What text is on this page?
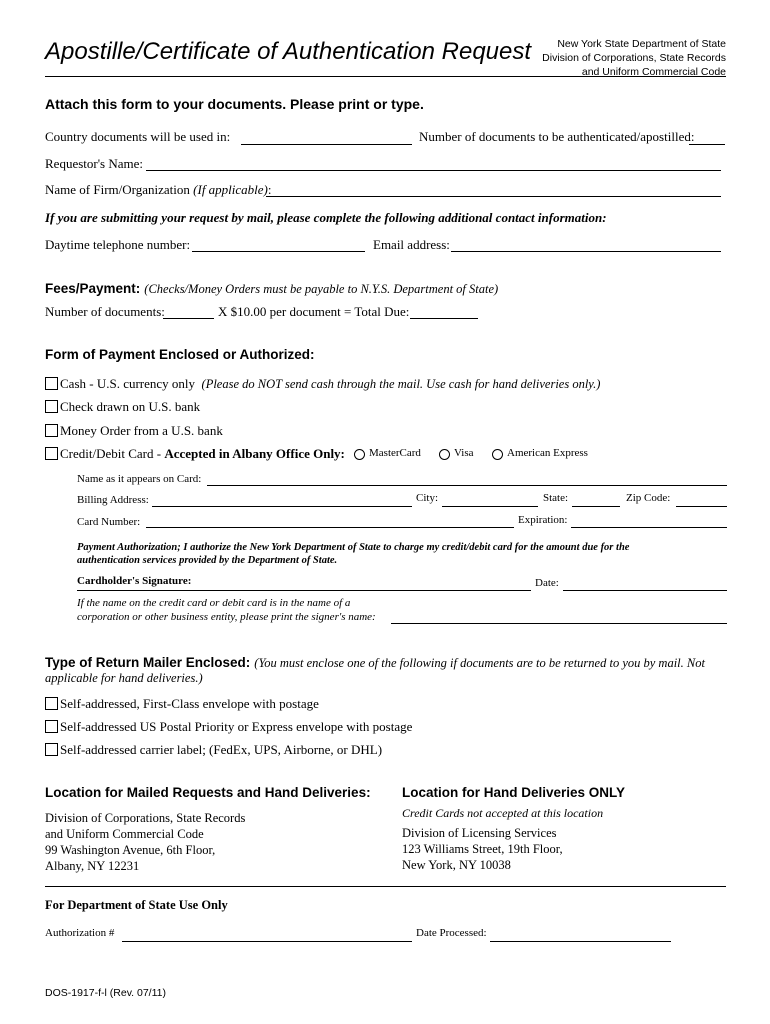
Apostille/Certificate of Authentication Request	New York State Department of State
Division of Corporations, State Records
and Uniform Commercial Code
Attach this form to your documents. Please print or type.
Country documents will be used in:	Number of documents to be authenticated/apostilled:
Requestor's Name:
Name of Firm/Organization (If applicable):
If you are submitting your request by mail, please complete the following additional contact information:
Daytime telephone number:	Email address:
Fees/Payment: (Checks/Money Orders must be payable to N.Y.S. Department of State)
Number of documents:	X $10.00 per document = Total Due:
Form of Payment Enclosed or Authorized:
Cash - U.S. currency only (Please do NOT send cash through the mail. Use cash for hand deliveries only.)
Check drawn on U.S. bank
Money Order from a U.S. bank
Credit/Debit Card - Accepted in Albany Office Only: MasterCard	Visa	American Express
Name as it appears on Card:
Billing Address:	City:	State:	Zip Code:
Card Number:	Expiration:
Payment Authorization; I authorize the New York Department of State to charge my credit/debit card for the amount due for the
authentication services provided by the Department of State.
Cardholder's Signature:	Date:
If the name on the credit card or debit card is in the name of a
corporation or other business entity, please print the signer's name:
Type of Return Mailer Enclosed: (You must enclose one of the following if documents are to be returned to you by mail. Not
applicable for hand deliveries.)
Self-addressed, First-Class envelope with postage
Self-addressed US Postal Priority or Express envelope with postage
Self-addressed carrier label; (FedEx, UPS, Airborne, or DHL)
Location for Mailed Requests and Hand Deliveries:
Division of Corporations, State Records
and Uniform Commercial Code
99 Washington Avenue, 6th Floor,
Albany, NY 12231
Location for Hand Deliveries ONLY
Credit Cards not accepted at this location
Division of Licensing Services
123 Williams Street, 19th Floor,
New York, NY 10038
For Department of State Use Only
Authorization #	Date Processed:
DOS-1917-f-l (Rev. 07/11)
